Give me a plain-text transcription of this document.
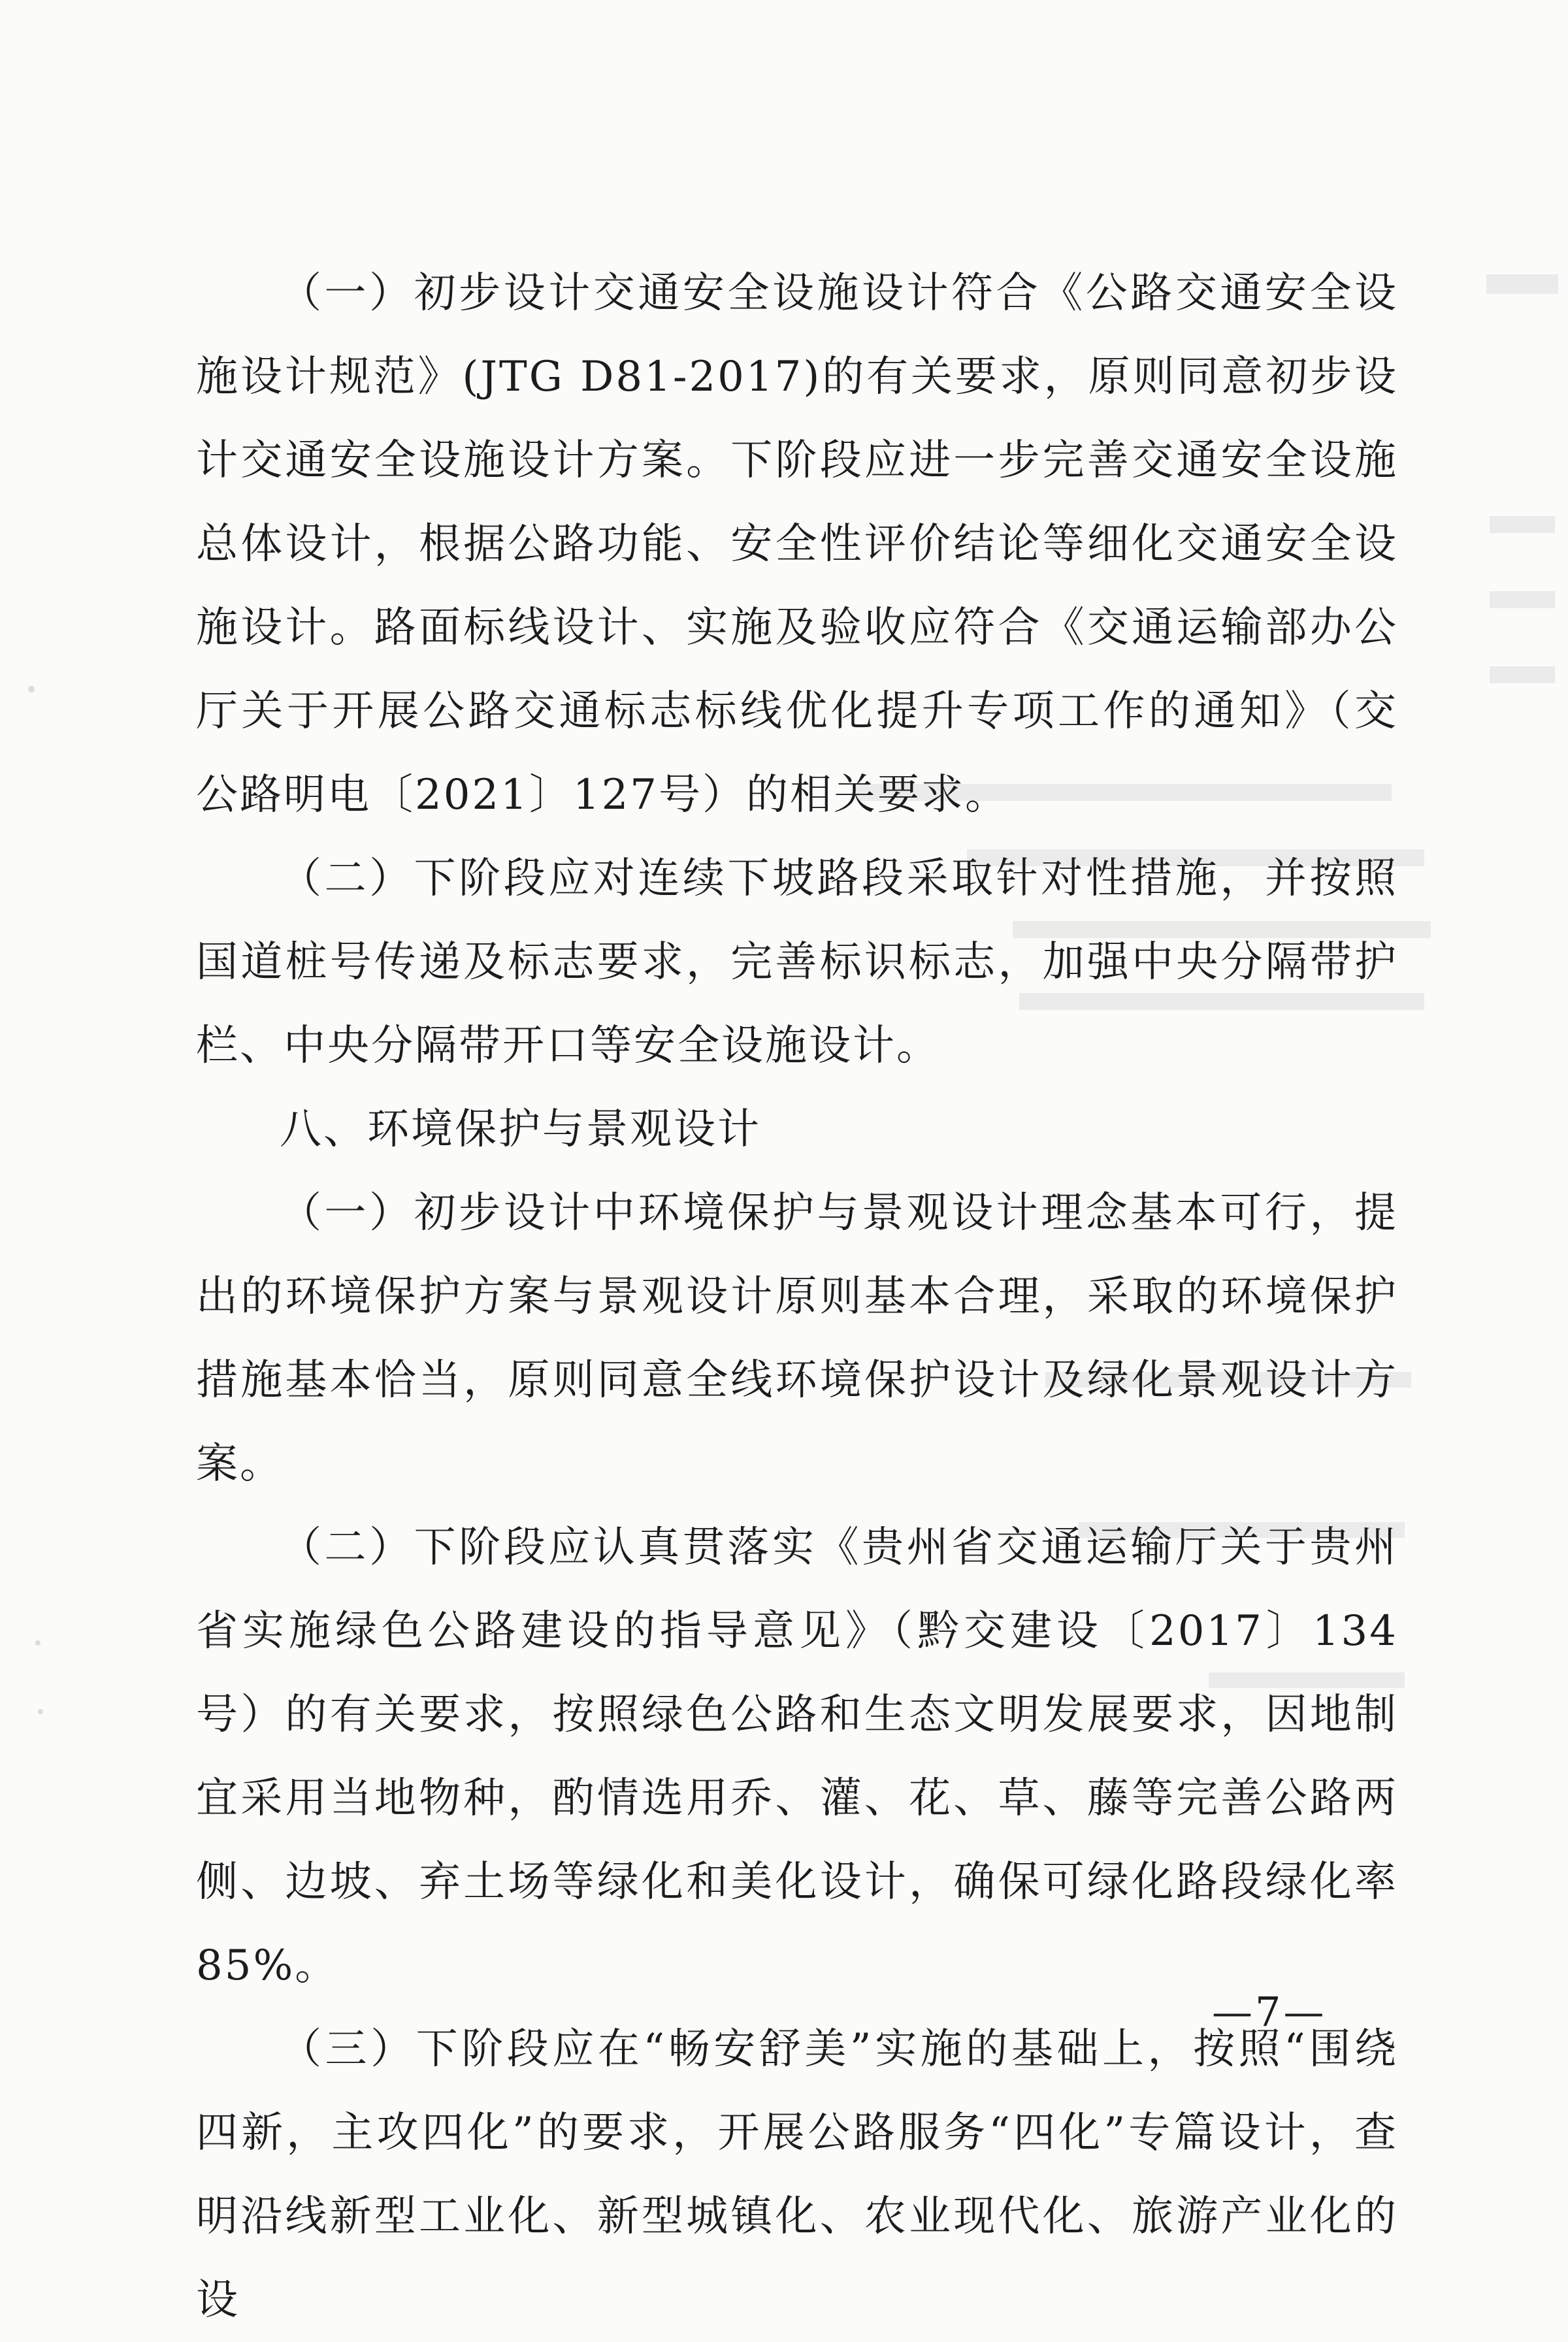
（一）初步设计交通安全设施设计符合《公路交通安全设施设计规范》(JTG D81-2017)的有关要求，原则同意初步设计交通安全设施设计方案。下阶段应进一步完善交通安全设施总体设计，根据公路功能、安全性评价结论等细化交通安全设施设计。路面标线设计、实施及验收应符合《交通运输部办公厅关于开展公路交通标志标线优化提升专项工作的通知》（交公路明电〔2021〕127号）的相关要求。

（二）下阶段应对连续下坡路段采取针对性措施，并按照国道桩号传递及标志要求，完善标识标志，加强中央分隔带护栏、中央分隔带开口等安全设施设计。

八、环境保护与景观设计

（一）初步设计中环境保护与景观设计理念基本可行，提出的环境保护方案与景观设计原则基本合理，采取的环境保护措施基本恰当，原则同意全线环境保护设计及绿化景观设计方案。

（二）下阶段应认真贯落实《贵州省交通运输厅关于贵州省实施绿色公路建设的指导意见》（黔交建设〔2017〕134号）的有关要求，按照绿色公路和生态文明发展要求，因地制宜采用当地物种，酌情选用乔、灌、花、草、藤等完善公路两侧、边坡、弃土场等绿化和美化设计，确保可绿化路段绿化率85%。

（三）下阶段应在“畅安舒美”实施的基础上，按照“围绕四新，主攻四化”的要求，开展公路服务“四化”专篇设计，查明沿线新型工业化、新型城镇化、农业现代化、旅游产业化的设

—7—
